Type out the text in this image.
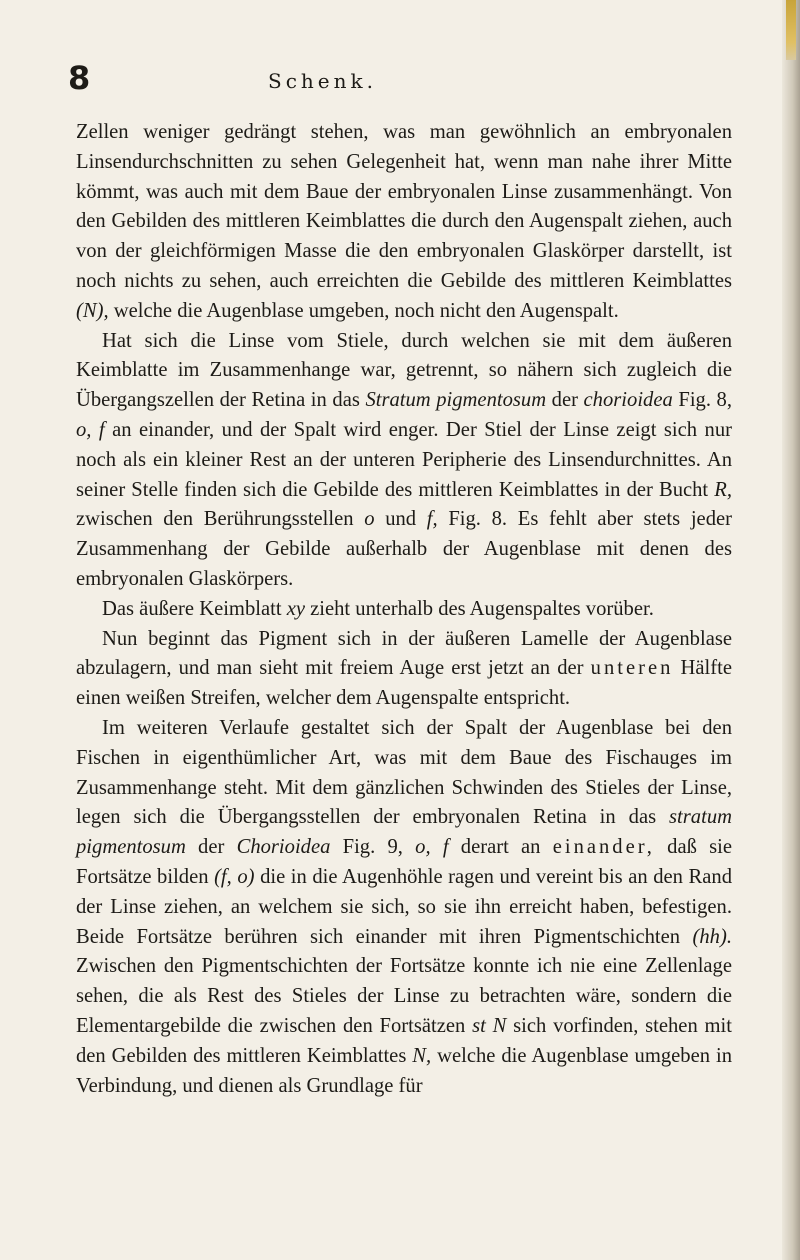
8	Schenk.

Zellen weniger gedrängt stehen, was man gewöhnlich an embryonalen Linsendurchschnitten zu sehen Gelegenheit hat, wenn man nahe ihrer Mitte kömmt, was auch mit dem Baue der embryonalen Linse zusammenhängt. Von den Gebilden des mittleren Keimblattes die durch den Augenspalt ziehen, auch von der gleichförmigen Masse die den embryonalen Glaskörper darstellt, ist noch nichts zu sehen, auch erreichten die Gebilde des mittleren Keimblattes (N), welche die Augenblase umgeben, noch nicht den Augenspalt.

Hat sich die Linse vom Stiele, durch welchen sie mit dem äußeren Keimblatte im Zusammenhange war, getrennt, so nähern sich zugleich die Übergangszellen der Retina in das Stratum pigmentosum der chorioidea Fig. 8, o, f an einander, und der Spalt wird enger. Der Stiel der Linse zeigt sich nur noch als ein kleiner Rest an der unteren Peripherie des Linsendurchnittes. An seiner Stelle finden sich die Gebilde des mittleren Keimblattes in der Bucht R, zwischen den Berührungsstellen o und f, Fig. 8. Es fehlt aber stets jeder Zusammenhang der Gebilde außerhalb der Augenblase mit denen des embryonalen Glaskörpers.

Das äußere Keimblatt xy zieht unterhalb des Augenspaltes vorüber.

Nun beginnt das Pigment sich in der äußeren Lamelle der Augenblase abzulagern, und man sieht mit freiem Auge erst jetzt an der unteren Hälfte einen weißen Streifen, welcher dem Augenspalte entspricht.

Im weiteren Verlaufe gestaltet sich der Spalt der Augenblase bei den Fischen in eigenthümlicher Art, was mit dem Baue des Fischauges im Zusammenhange steht. Mit dem gänzlichen Schwinden des Stieles der Linse, legen sich die Übergangsstellen der embryonalen Retina in das stratum pigmentosum der Chorioidea Fig. 9, o, f derart an einander, daß sie Fortsätze bilden (f, o) die in die Augenhöhle ragen und vereint bis an den Rand der Linse ziehen, an welchem sie sich, so sie ihn erreicht haben, befestigen. Beide Fortsätze berühren sich einander mit ihren Pigmentschichten (hh). Zwischen den Pigmentschichten der Fortsätze konnte ich nie eine Zellenlage sehen, die als Rest des Stieles der Linse zu betrachten wäre, sondern die Elementargebilde die zwischen den Fortsätzen st N sich vorfinden, stehen mit den Gebilden des mittleren Keimblattes N, welche die Augenblase umgeben in Verbindung, und dienen als Grundlage für
